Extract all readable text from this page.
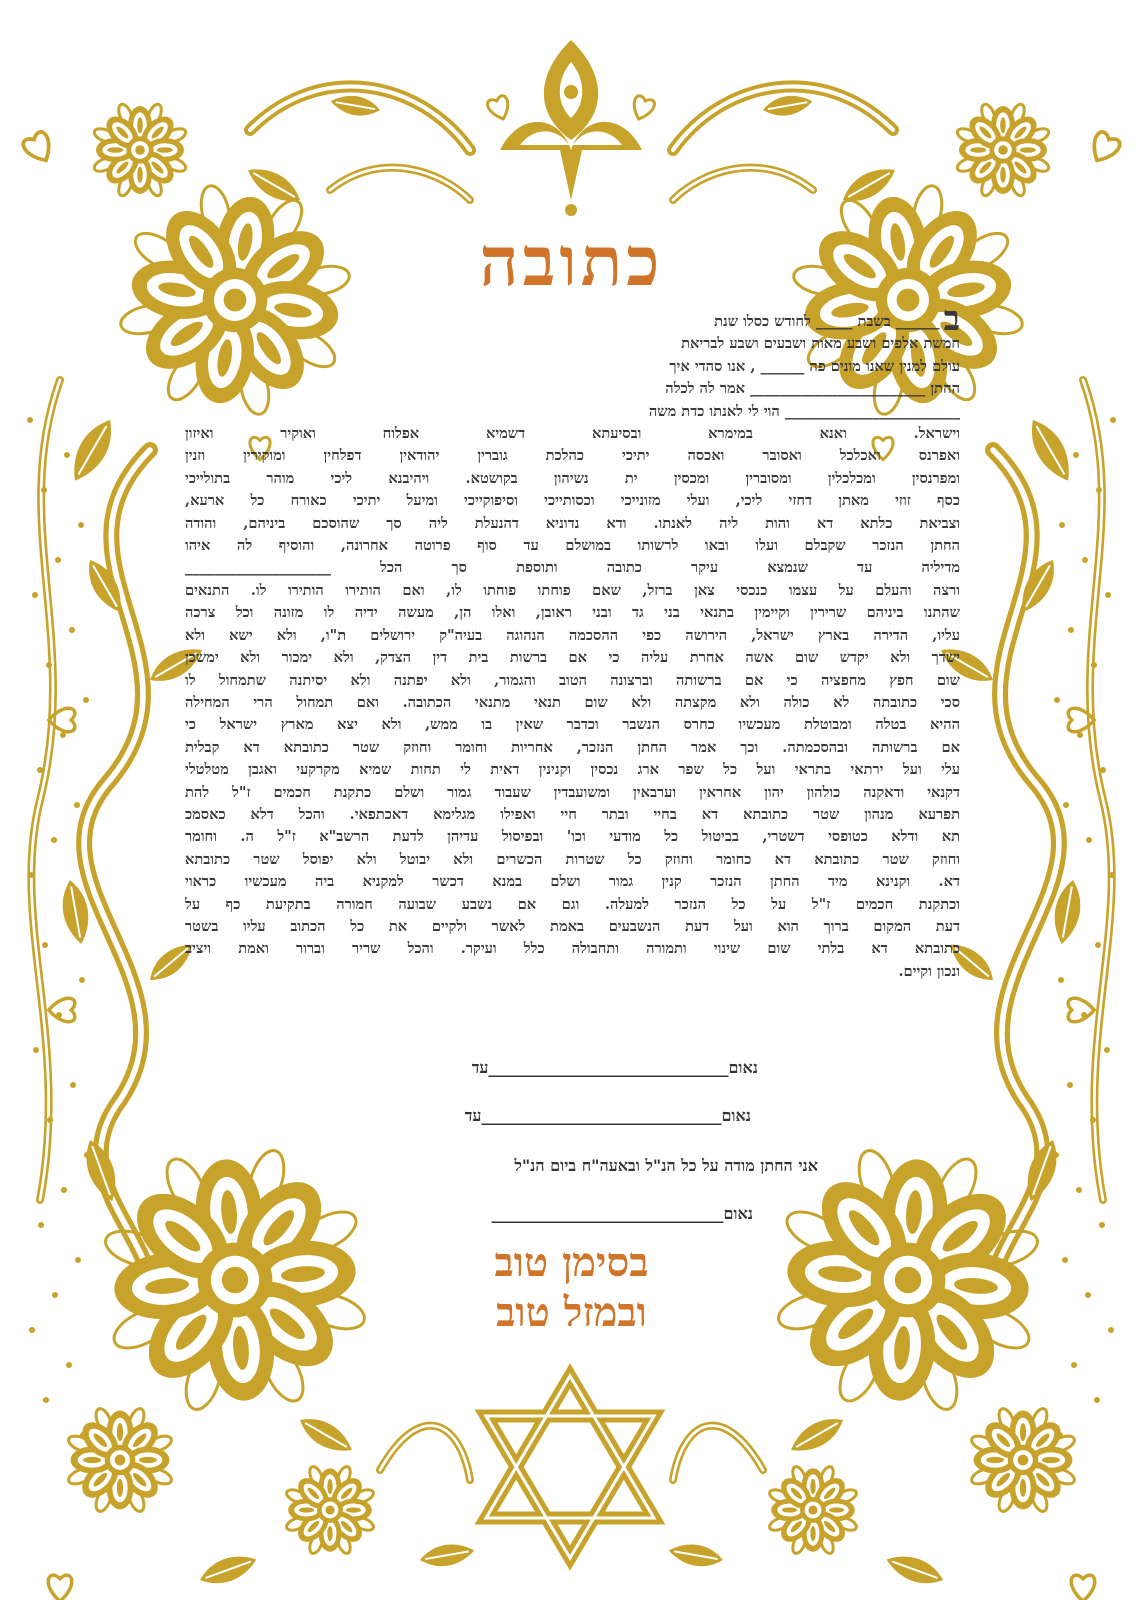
כתובה
ב______ בשבת _____ לחודש כסלו שנת
חמשת אלפים ושבע מאות ושבעים ושבע לבריאת
עולם למנין שאנו מונים פה ______ , אנו סהדי איך
החתן ________________________ אמר לה לכלה
________________________ הוי לי לאנתו כדת משה
וישראל. ואנא במימרא ובסיעתא דשמיא אפלוח ואוקיר ואיזון
ואפרנס ואכלכל ואסובר ואכסה יתיכי כהלכת גוברין יהודאין דפלחין ומוקירין וזנין
ומפרנסין ומכלכלין ומסוברין ומכסין ית נשיהון בקושטא. ויהיבנא ליכי מוהר בתולייכי
כסף זוזי מאתן דחזי ליכי, ועלי מזונייכי וכסותייכי וסיפוקייכי ומיעל יתיכי כאורח כל ארעא,
וצביאת כלתא דא והות ליה לאנתו. ודא נדוניא דהנעלת ליה סך שהוסכם ביניהם, והודה
החתן הנזכר שקבלם ועלו ובאו לרשותו במושלם עד סוף פרוטה אחרונה, והוסיף לה איהו
מדיליה עד שנמצא עיקר כתובה ותוספת סך הכל ____________________
ורצה והעלם על עצמו כנכסי צאן ברזל, שאם פוחתו פוחתו לו, ואם הותירו הותירו לו. התנאים
שהתנו ביניהם שרירין וקיימין בתנאי בני גד ובני ראובן, ואלו הן, מעשה ידיה לו מזונה וכל צרכה
עליו, הדירה בארץ ישראל, הירושה כפי ההסכמה הנהוגה בעיה"ק ירושלים ת"ו, ולא ישא ולא
ישדך ולא יקדש שום אשה אחרת עליה כי אם ברשות בית דין הצדק, ולא ימכור ולא ימשכן
שום חפץ מחפציה כי אם ברשותה וברצונה הטוב והגמור, ולא יפתנה ולא יסיתנה שתמחול לו
סכי כתובתה לא כולה ולא מקצתה ולא שום תנאי מתנאי הכתובה. ואם תמחול הרי המחילה
ההיא בטלה ומבוטלת מעכשיו כחרס הנשבר וכדבר שאין בו ממש, ולא יצא מארץ ישראל כי
אם ברשותה ובהסכמתה. וכך אמר החתן הנזכר, אחריות וחומר וחוזק שטר כתובתא דא קבלית
עלי ועל ירתאי בתראי ועל כל שפר ארג נכסין וקנינין דאית לי תחות שמיא מקרקעי ואגבן מטלטלי
דקנאי ודאקנה כולהון יהון אחראין וערבאין ומשועבדין שעבוד גמור ושלם כתקנת חכמים ז"ל להת
תפרעא מנהון שטר כתובתא דא בחיי ובתר חיי ואפילו מגלימא דאכתפאי. והכל דלא כאסמכ
תא ודלא כטופסי דשטרי, בביטול כל מודעי וכו' ובפיסול עדיהן לדעת הרשב"א ז"ל ה. וחומר
וחוזק שטר כתובתא דא כחומר וחוזק כל שטרות הכשרים ולא יבוטל ולא יפוסל שטר כתובתא
דא. וקנינא מיד החתן הנזכר קנין גמור ושלם במנא דכשר למקניא ביה מעכשיו כראוי
וכתקנת חכמים ז"ל על כל הנזכר למעלה. וגם אם נשבע שבועה חמורה בתקיעת כף על
דעת המקום ברוך הוא ועל דעת הנשבעים באמת לאשר ולקיים את כל הכתוב עליו בשטר
כתובתא דא בלתי שום שינוי ותמורה ותחבולה כלל ועיקר. והכל שריר וברור ואמת ויציב
ונכון וקיים.
נאום______________________________עד
נאום______________________________עד
אני החתן מודה על כל הנ"ל ובאעה"ח ביום הנ"ל
נאום_____________________________
בסימן טוב
ובמזל טוב
